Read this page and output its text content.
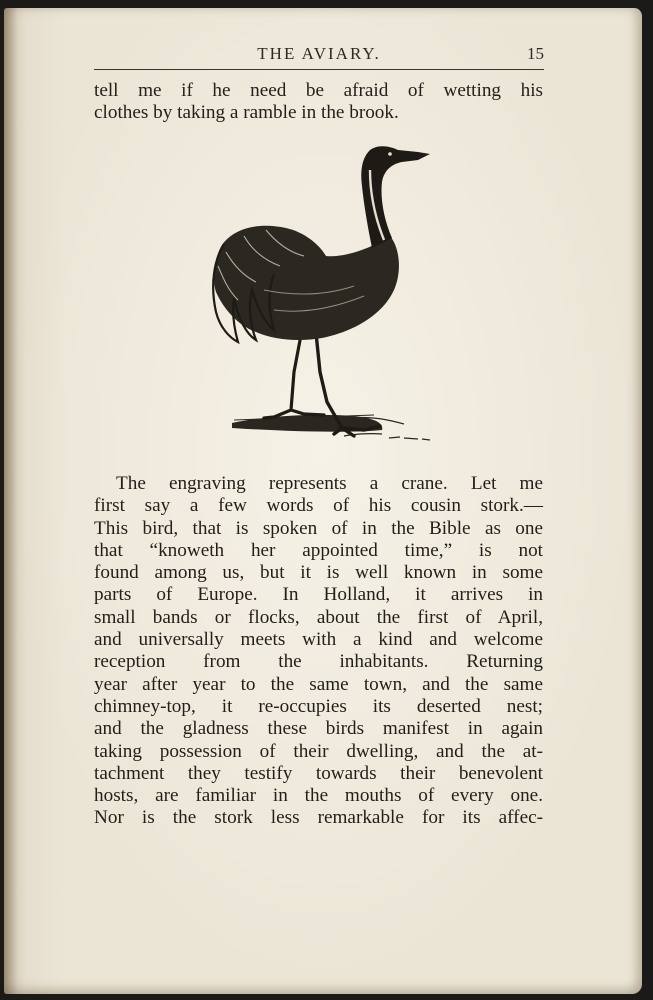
THE AVIARY.	15

tell me if he need be afraid of wetting his
clothes by taking a ramble in the brook.

The engraving represents a crane. Let me
first say a few words of his cousin stork.—
This bird, that is spoken of in the Bible as one
that “knoweth her appointed time,” is not
found among us, but it is well known in some
parts of Europe. In Holland, it arrives in
small bands or flocks, about the first of April,
and universally meets with a kind and welcome
reception from the inhabitants. Returning
year after year to the same town, and the same
chimney-top, it re-occupies its deserted nest;
and the gladness these birds manifest in again
taking possession of their dwelling, and the at-
tachment they testify towards their benevolent
hosts, are familiar in the mouths of every one.
Nor is the stork less remarkable for its affec-
